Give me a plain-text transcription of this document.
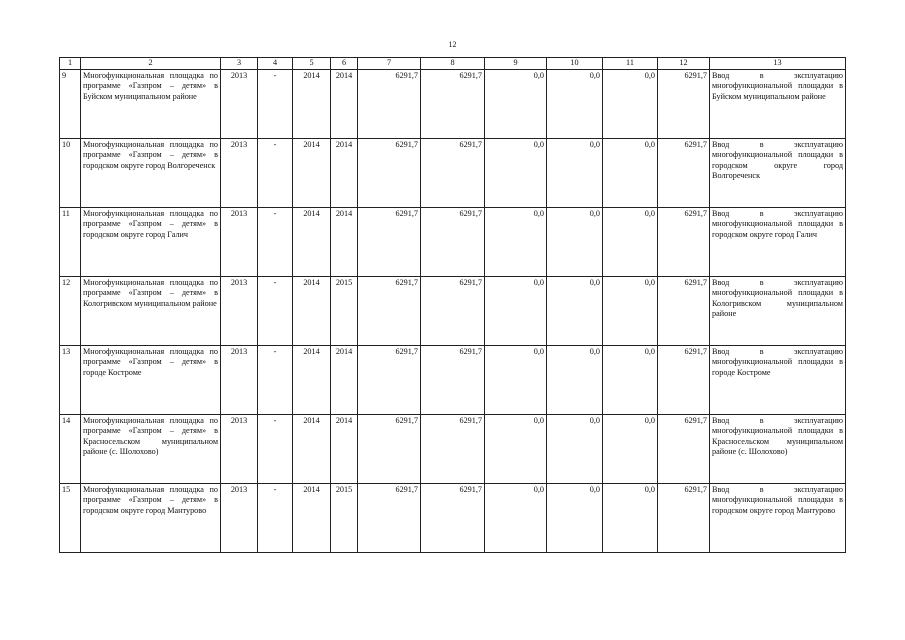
12
1	2	3	4	5	6	7	8	9	10	11	12	13
9	Многофункциональная площадка по программе «Газпром – детям» в Буйском муниципальном районе	2013	-	2014	2014	6291,7	6291,7	0,0	0,0	0,0	6291,7	Ввод в эксплуатацию многофункциональной площадки в Буйском муниципальном районе
10	Многофункциональная площадка по программе «Газпром – детям» в городском округе город Волгореченск	2013	-	2014	2014	6291,7	6291,7	0,0	0,0	0,0	6291,7	Ввод в эксплуатацию многофункциональной площадки в городском округе город Волгореченск
11	Многофункциональная площадка по программе «Газпром – детям» в городском округе город Галич	2013	-	2014	2014	6291,7	6291,7	0,0	0,0	0,0	6291,7	Ввод в эксплуатацию многофункциональной площадки в городском округе город Галич
12	Многофункциональная площадка по программе «Газпром – детям» в Кологривском муниципальном районе	2013	-	2014	2015	6291,7	6291,7	0,0	0,0	0,0	6291,7	Ввод в эксплуатацию многофункциональной площадки в Кологривском муниципальном районе
13	Многофункциональная площадка по программе «Газпром – детям» в городе Костроме	2013	-	2014	2014	6291,7	6291,7	0,0	0,0	0,0	6291,7	Ввод в эксплуатацию многофункциональной площадки в городе Костроме
14	Многофункциональная площадка по программе «Газпром – детям» в Красносельском муниципальном районе (с. Шолохово)	2013	-	2014	2014	6291,7	6291,7	0,0	0,0	0,0	6291,7	Ввод в эксплуатацию многофункциональной площадки в Красносельском муниципальном районе (с. Шолохово)
15	Многофункциональная площадка по программе «Газпром – детям» в городском округе город Мантурово	2013	-	2014	2015	6291,7	6291,7	0,0	0,0	0,0	6291,7	Ввод в эксплуатацию многофункциональной площадки в городском округе город Мантурово
